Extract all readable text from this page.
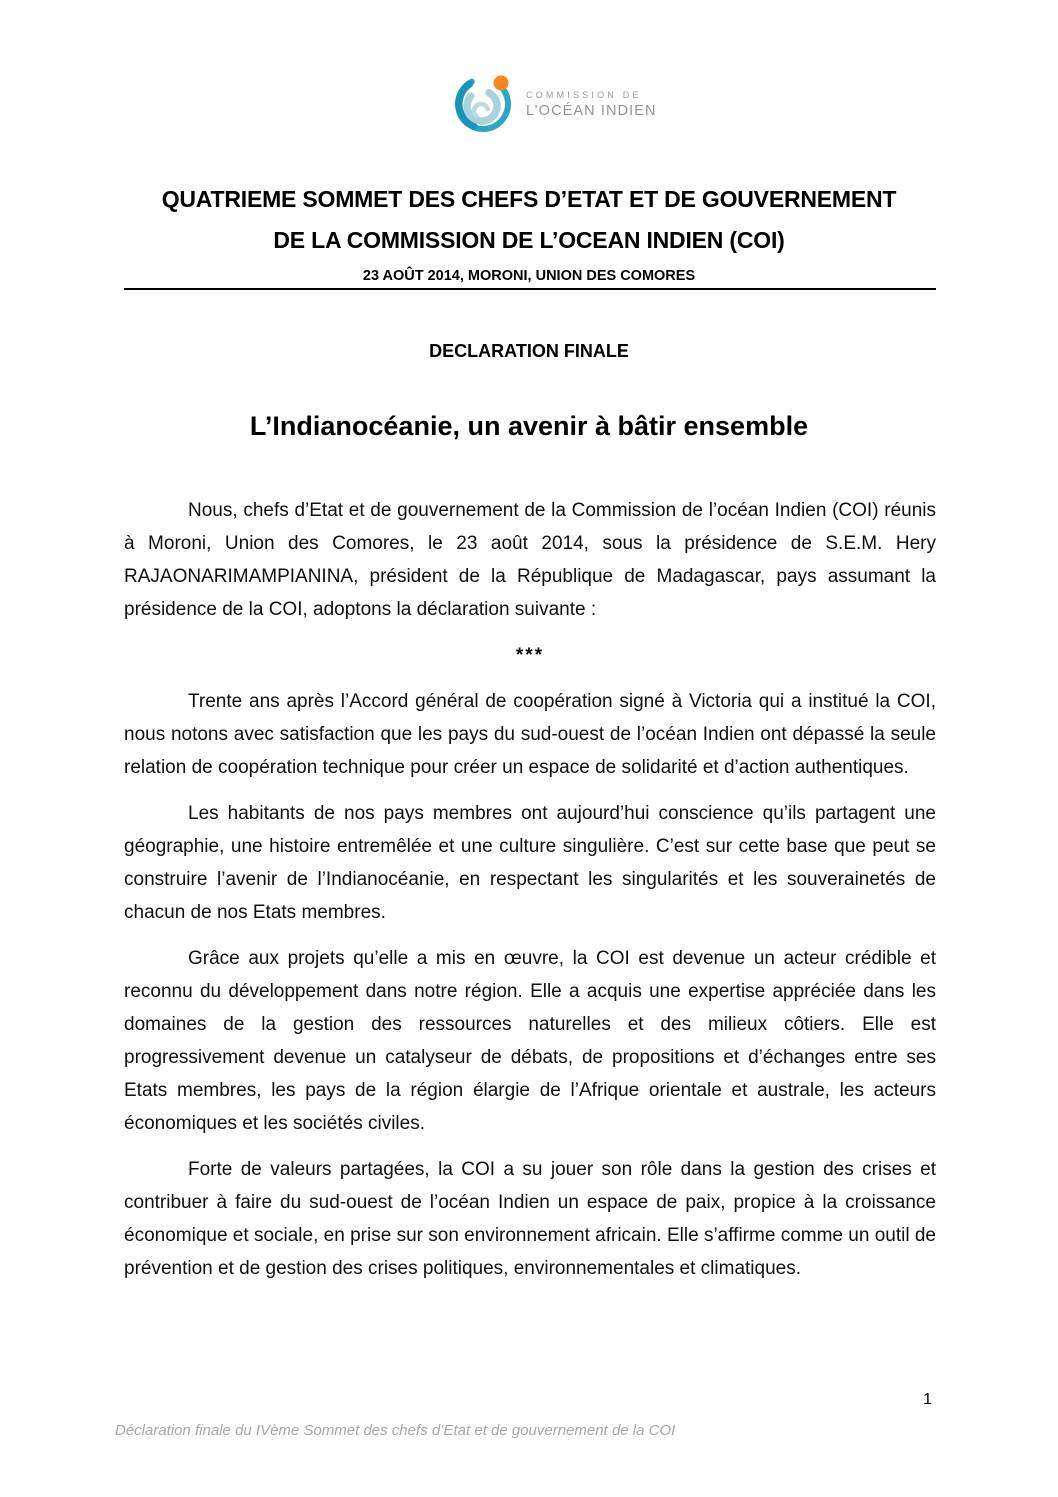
COMMISSION DE
L’OCÉAN INDIEN
QUATRIEME SOMMET DES CHEFS D’ETAT ET DE GOUVERNEMENT
DE LA COMMISSION DE L’OCEAN INDIEN (COI)
23 AOÛT 2014, MORONI, UNION DES COMORES
DECLARATION FINALE
L’Indianocéanie, un avenir à bâtir ensemble

Nous, chefs d’Etat et de gouvernement de la Commission de l’océan Indien (COI) réunis à Moroni, Union des Comores, le 23 août 2014, sous la présidence de S.E.M. Hery RAJAONARIMAMPIANINA, président de la République de Madagascar, pays assumant la présidence de la COI, adoptons la déclaration suivante :

***

Trente ans après l’Accord général de coopération signé à Victoria qui a institué la COI, nous notons avec satisfaction que les pays du sud-ouest de l’océan Indien ont dépassé la seule relation de coopération technique pour créer un espace de solidarité et d’action authentiques.

Les habitants de nos pays membres ont aujourd’hui conscience qu’ils partagent une géographie, une histoire entremêlée et une culture singulière. C’est sur cette base que peut se construire l’avenir de l’Indianocéanie, en respectant les singularités et les souverainetés de chacun de nos Etats membres.

Grâce aux projets qu’elle a mis en œuvre, la COI est devenue un acteur crédible et reconnu du développement dans notre région. Elle a acquis une expertise appréciée dans les domaines de la gestion des ressources naturelles et des milieux côtiers. Elle est progressivement devenue un catalyseur de débats, de propositions et d’échanges entre ses Etats membres, les pays de la région élargie de l’Afrique orientale et australe, les acteurs économiques et les sociétés civiles.

Forte de valeurs partagées, la COI a su jouer son rôle dans la gestion des crises et contribuer à faire du sud-ouest de l’océan Indien un espace de paix, propice à la croissance économique et sociale, en prise sur son environnement africain. Elle s’affirme comme un outil de prévention et de gestion des crises politiques, environnementales et climatiques.

1
Déclaration finale du IVème Sommet des chefs d’Etat et de gouvernement de la COI
